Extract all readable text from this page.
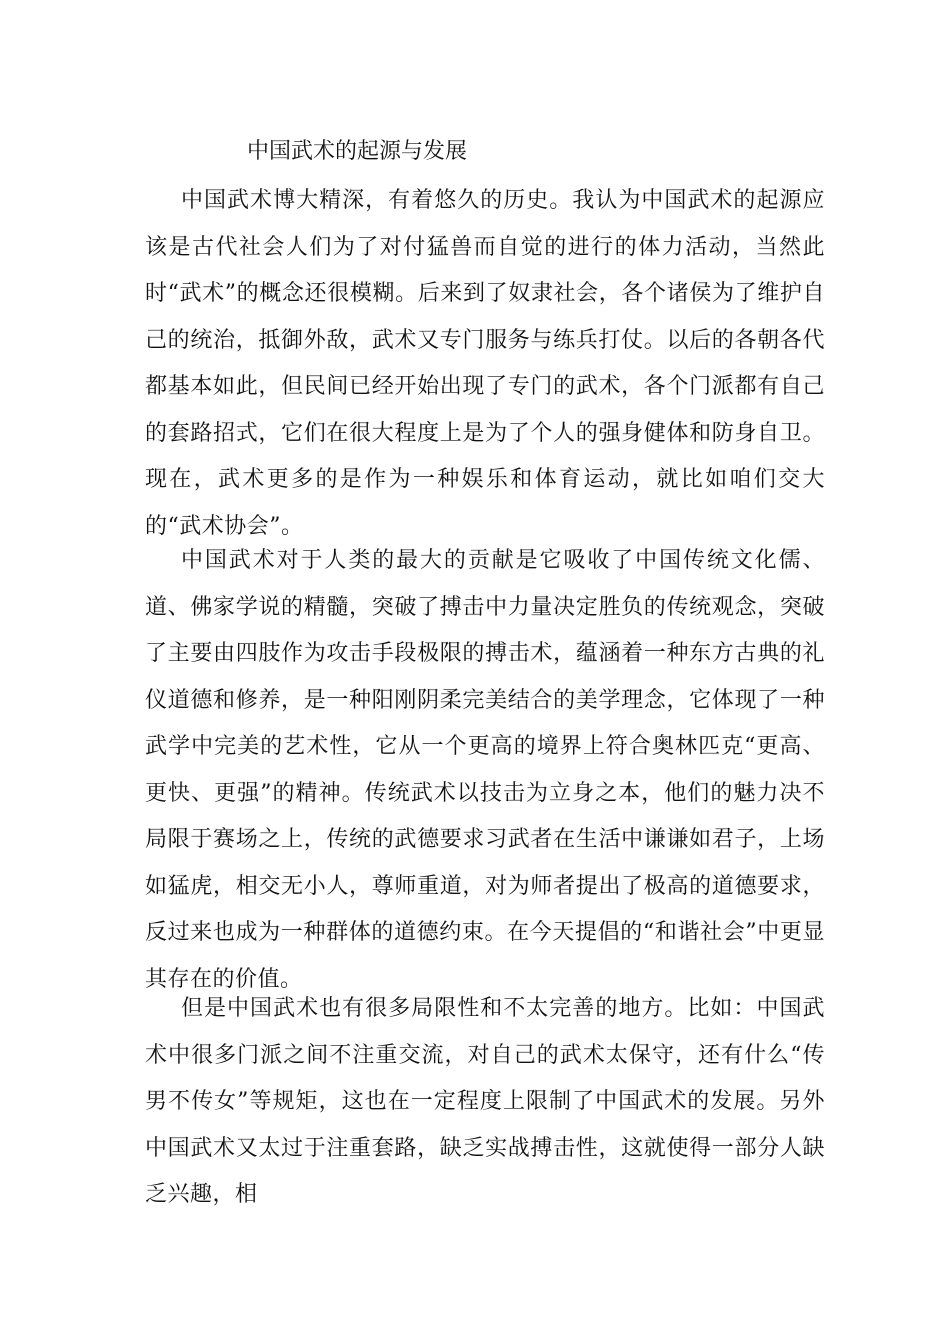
中国武术的起源与发展

中国武术博大精深，有着悠久的历史。我认为中国武术的起源应该是古代社会人们为了对付猛兽而自觉的进行的体力活动，当然此时“武术”的概念还很模糊。后来到了奴隶社会，各个诸侯为了维护自己的统治，抵御外敌，武术又专门服务与练兵打仗。以后的各朝各代都基本如此，但民间已经开始出现了专门的武术，各个门派都有自己的套路招式，它们在很大程度上是为了个人的强身健体和防身自卫。现在，武术更多的是作为一种娱乐和体育运动，就比如咱们交大的“武术协会”。

中国武术对于人类的最大的贡献是它吸收了中国传统文化儒、道、佛家学说的精髓，突破了搏击中力量决定胜负的传统观念，突破了主要由四肢作为攻击手段极限的搏击术，蕴涵着一种东方古典的礼仪道德和修养，是一种阳刚阴柔完美结合的美学理念，它体现了一种武学中完美的艺术性，它从一个更高的境界上符合奥林匹克“更高、更快、更强”的精神。传统武术以技击为立身之本，他们的魅力决不局限于赛场之上，传统的武德要求习武者在生活中谦谦如君子，上场如猛虎，相交无小人，尊师重道，对为师者提出了极高的道德要求，反过来也成为一种群体的道德约束。在今天提倡的“和谐社会”中更显其存在的价值。

但是中国武术也有很多局限性和不太完善的地方。比如：中国武术中很多门派之间不注重交流，对自己的武术太保守，还有什么“传男不传女”等规矩，这也在一定程度上限制了中国武术的发展。另外中国武术又太过于注重套路，缺乏实战搏击性，这就使得一部分人缺乏兴趣，相
